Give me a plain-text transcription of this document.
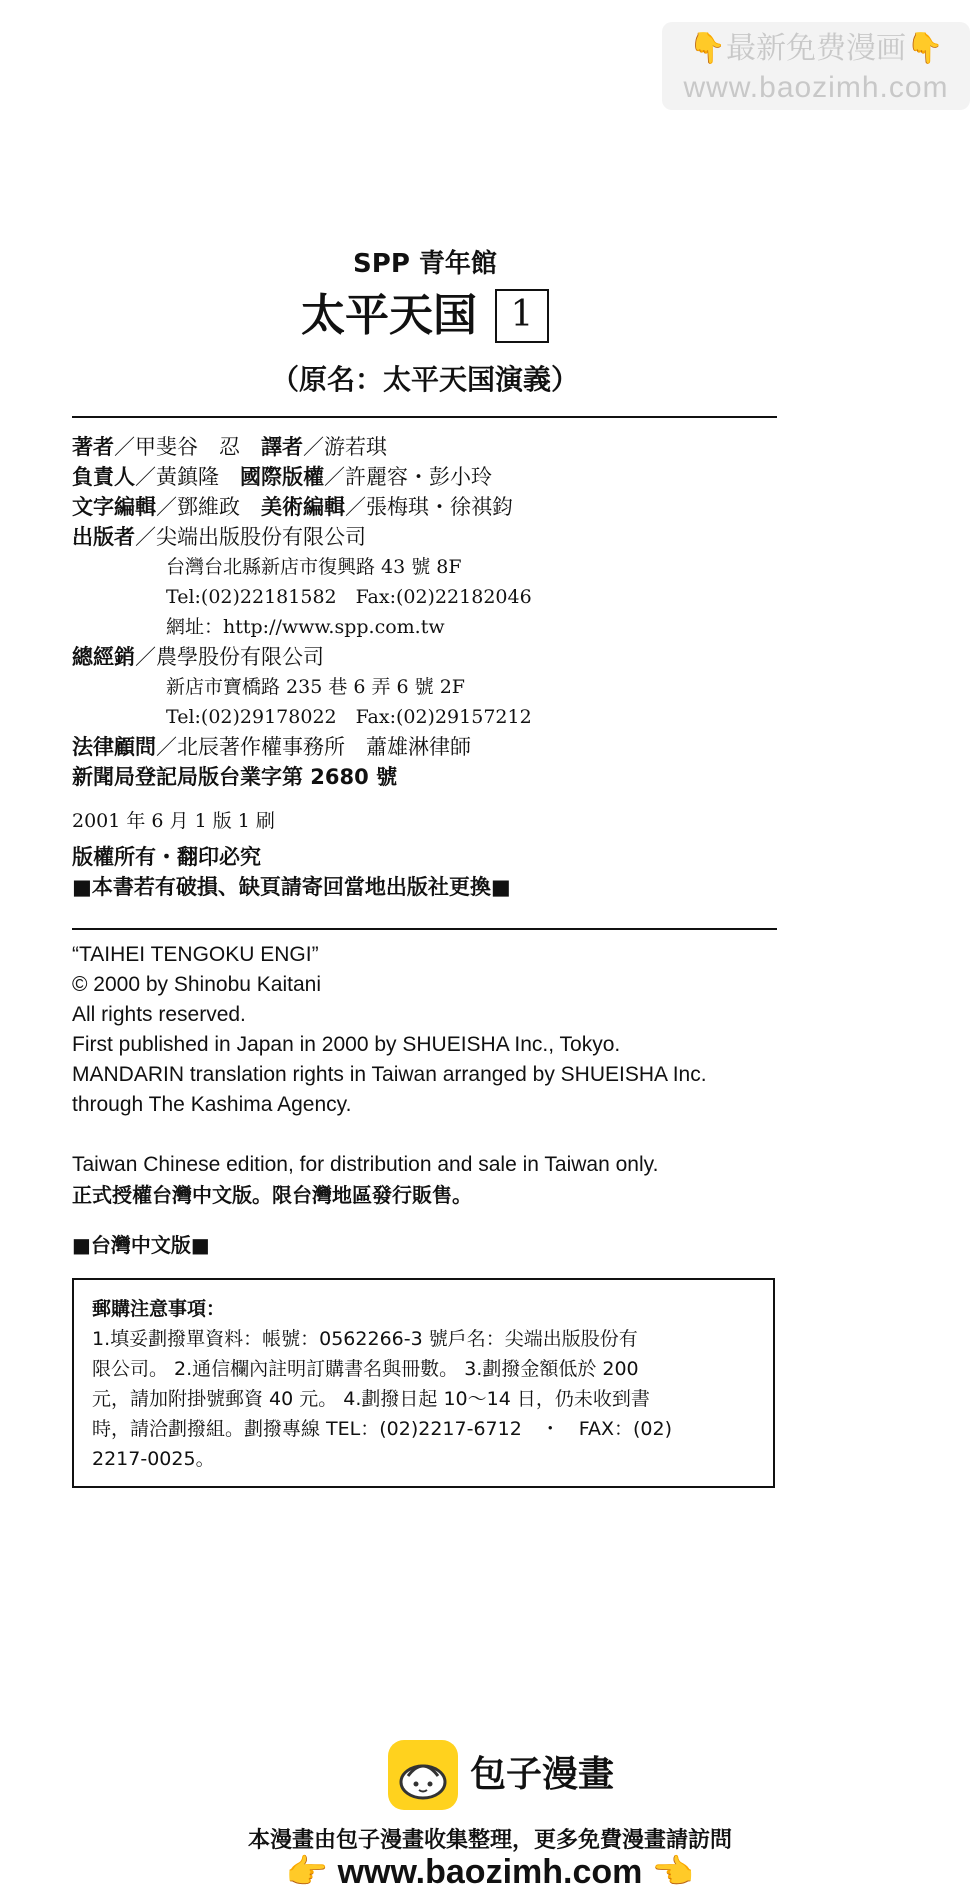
👇最新免费漫画👇
www.baozimh.com
SPP 青年館
太平天国 1
（原名：太平天国演義）
著者／甲斐谷　忍　 譯者／游若琪
負責人／黃鎮隆　 國際版權／許麗容・彭小玲
文字編輯／鄧維政　 美術編輯／張梅琪・徐祺鈞
出版者／尖端出版股份有限公司
台灣台北縣新店市復興路 43 號 8F
Tel:(02)22181582　Fax:(02)22182046
網址：http://www.spp.com.tw
總經銷／農學股份有限公司
新店市寶橋路 235 巷 6 弄 6 號 2F
Tel:(02)29178022　Fax:(02)29157212
法律顧問／北辰著作權事務所　蕭雄淋律師
新聞局登記局版台業字第 2680 號
2001 年 6 月 1 版 1 刷
版權所有・翻印必究
■本書若有破損、缺頁請寄回當地出版社更換■
“TAIHEI TENGOKU ENGI”
© 2000 by Shinobu Kaitani
All rights reserved.
First published in Japan in 2000 by SHUEISHA Inc., Tokyo.
MANDARIN translation rights in Taiwan arranged by SHUEISHA Inc.
through The Kashima Agency.
Taiwan Chinese edition, for distribution and sale in Taiwan only.
正式授權台灣中文版。限台灣地區發行販售。
■台灣中文版■
郵購注意事項：
1.填妥劃撥單資料：帳號：0562266-3 號戶名：尖端出版股份有
限公司。 2.通信欄內註明訂購書名與冊數。 3.劃撥金額低於 200
元，請加附掛號郵資 40 元。 4.劃撥日起 10～14 日，仍未收到書
時，請洽劃撥組。劃撥專線 TEL：(02)2217-6712　・　FAX：(02)
2217-0025。
包子漫畫
本漫畫由包子漫畫收集整理，更多免費漫畫請訪問
👉 www.baozimh.com 👈
